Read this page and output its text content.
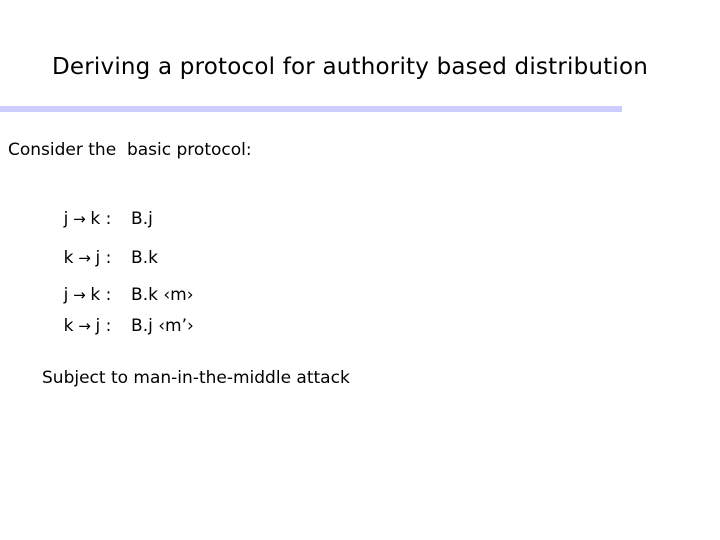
Deriving a protocol for authority based distribution
Consider the  basic protocol:

j → k : B.j

k → j : B.k

j → k : B.k ‹m›

k → j : B.j ‹m’›

Subject to man-in-the-middle attack
